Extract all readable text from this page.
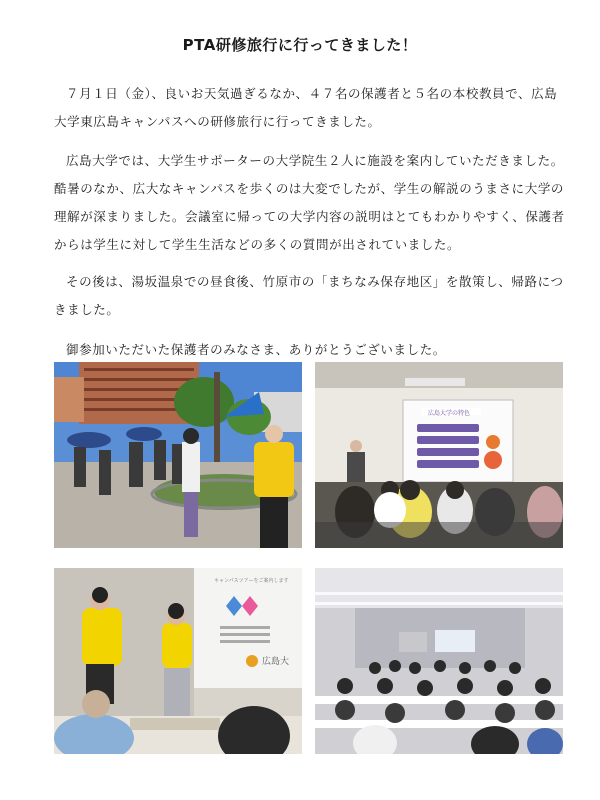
PTA研修旅行に行ってきました！

７月１日（金）、良いお天気過ぎるなか、４７名の保護者と５名の本校教員で、広島大学東広島キャンパスへの研修旅行に行ってきました。

広島大学では、大学生サポーターの大学院生２人に施設を案内していただきました。酷暑のなか、広大なキャンパスを歩くのは大変でしたが、学生の解説のうまさに大学の理解が深まりました。会議室に帰っての大学内容の説明はとてもわかりやすく、保護者からは学生に対して学生生活などの多くの質問が出されていました。

その後は、湯坂温泉での昼食後、竹原市の「まちなみ保存地区」を散策し、帰路につきました。

御参加いただいた保護者のみなさま、ありがとうございました。

広島大学の特色
キャンパスツアーをご案内します
広島大
